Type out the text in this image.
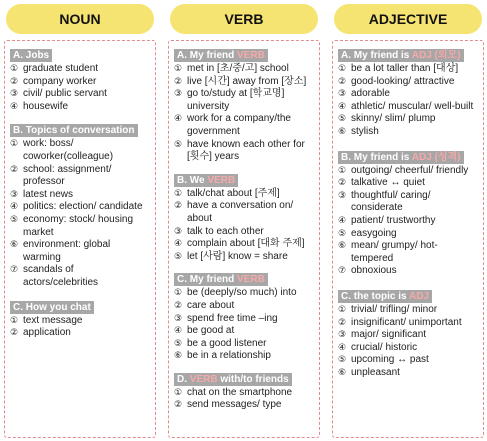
NOUN
A. Jobs
① graduate student
② company worker
③ civil/ public servant
④ housewife
B. Topics of conversation
① work: boss/ coworker(colleague)
② school: assignment/ professor
③ latest news
④ politics: election/ candidate
⑤ economy: stock/ housing market
⑥ environment: global warming
⑦ scandals of actors/celebrities
C. How you chat
① text message
② application
VERB
A. My friend VERB
① met in [초/중/고] school
② live [시간] away from [장소]
③ go to/study at [학교명] university
④ work for a company/the government
⑤ have known each other for [횟수] years
B. We VERB
① talk/chat about [주제]
② have a conversation on/ about
③ talk to each other
④ complain about [대화 주제]
⑤ let [사람] know = share
C. My friend VERB
① be (deeply/so much) into
② care about
③ spend free time –ing
④ be good at
⑤ be a good listener
⑥ be in a relationship
D. VERB with/to friends
① chat on the smartphone
② send messages/ type
ADJECTIVE
A. My friend is ADJ (외모)
① be a lot taller than [대상]
② good-looking/ attractive
③ adorable
④ athletic/ muscular/ well-built
⑤ skinny/ slim/ plump
⑥ stylish
B. My friend is ADJ (성격)
① outgoing/ cheerful/ friendly
② talkative ↔ quiet
③ thoughtful/ caring/ considerate
④ patient/ trustworthy
⑤ easygoing
⑥ mean/ grumpy/ hot-tempered
⑦ obnoxious
C. the topic is ADJ
① trivial/ trifling/ minor
② insignificant/ unimportant
③ major/ significant
④ crucial/ historic
⑤ upcoming ↔ past
⑥ unpleasant
